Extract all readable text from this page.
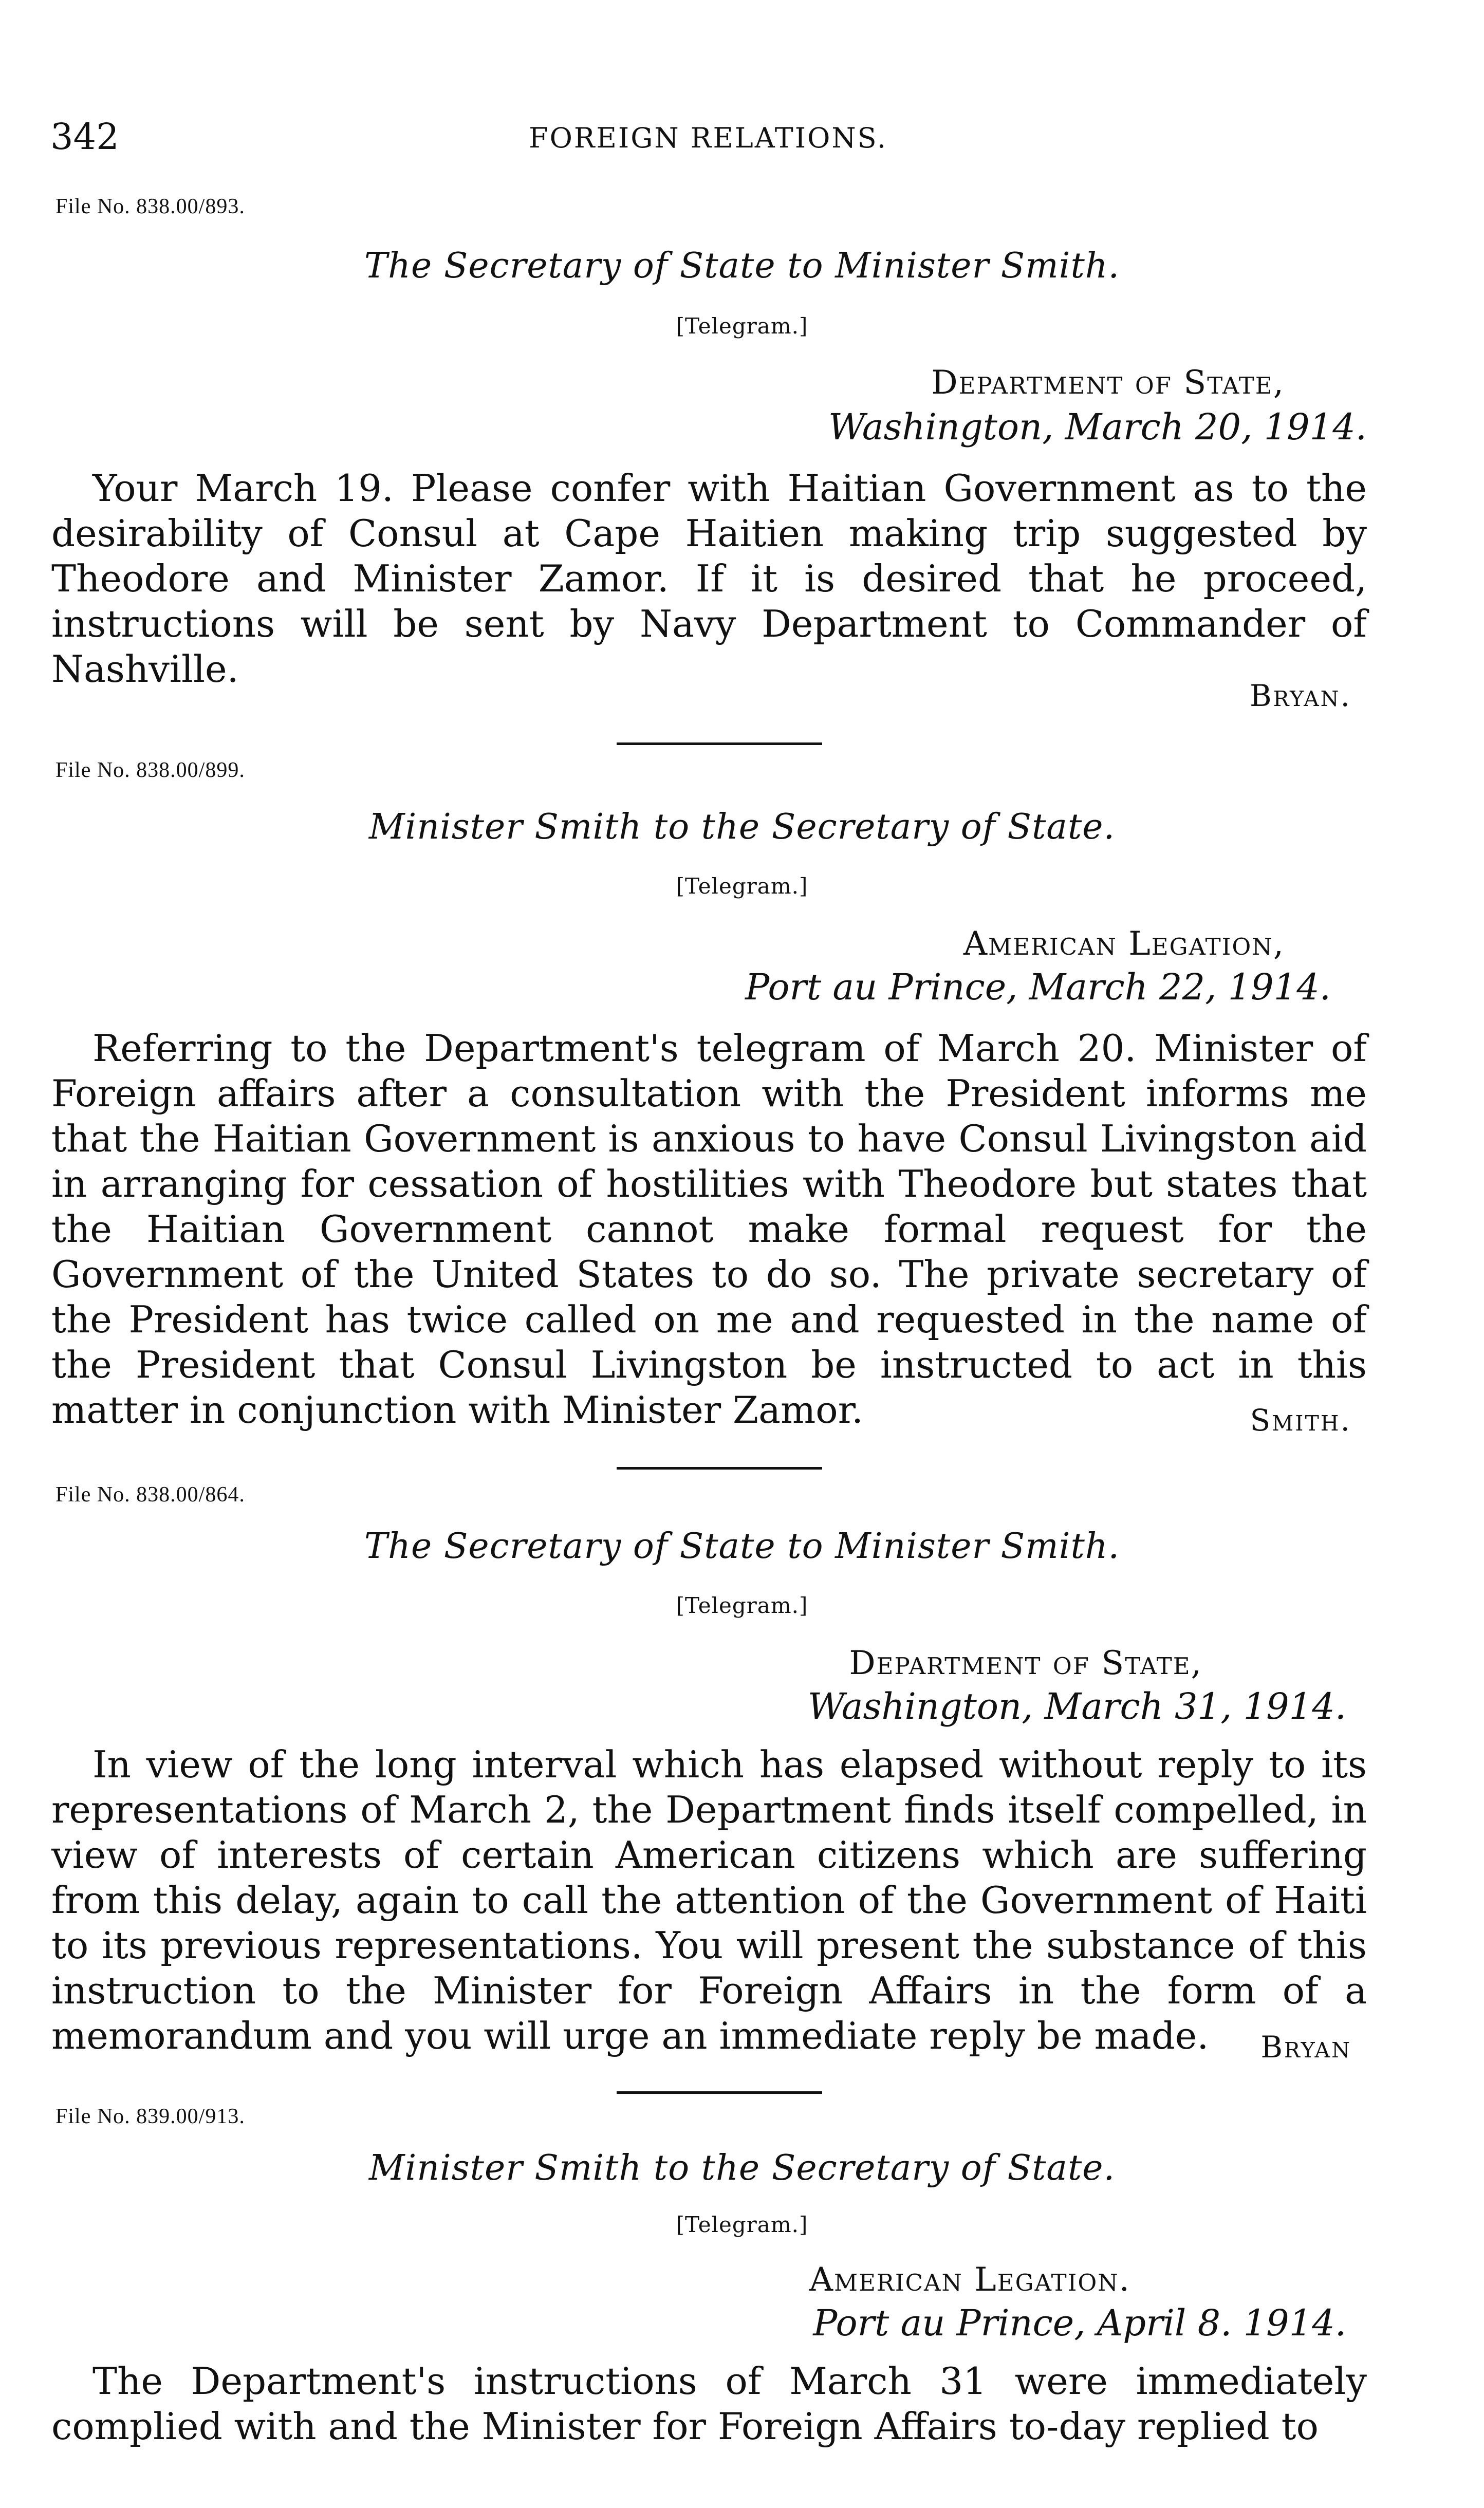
342	FOREIGN RELATIONS.
File No. 838.00/893.
The Secretary of State to Minister Smith.
[Telegram.]
Department of State,
Washington, March 20, 1914.
Your March 19. Please confer with Haitian Government as to the desirability of Consul at Cape Haitien making trip suggested by Theodore and Minister Zamor. If it is desired that he proceed, instructions will be sent by Navy Department to Commander of Nashville.
Bryan.
File No. 838.00/899.
Minister Smith to the Secretary of State.
[Telegram.]
American Legation,
Port au Prince, March 22, 1914.
Referring to the Department's telegram of March 20. Minister of Foreign affairs after a consultation with the President informs me that the Haitian Government is anxious to have Consul Livingston aid in arranging for cessation of hostilities with Theodore but states that the Haitian Government cannot make formal request for the Government of the United States to do so. The private secretary of the President has twice called on me and requested in the name of the President that Consul Livingston be instructed to act in this matter in conjunction with Minister Zamor.	Smith.
File No. 838.00/864.
The Secretary of State to Minister Smith.
[Telegram.]
Department of State,
Washington, March 31, 1914.
In view of the long interval which has elapsed without reply to its representations of March 2, the Department finds itself compelled, in view of interests of certain American citizens which are suffering from this delay, again to call the attention of the Government of Haiti to its previous representations. You will present the substance of this instruction to the Minister for Foreign Affairs in the form of a memorandum and you will urge an immediate reply be made.	Bryan
File No. 839.00/913.
Minister Smith to the Secretary of State.
[Telegram.]
American Legation.
Port au Prince, April 8. 1914.
The Department's instructions of March 31 were immediately complied with and the Minister for Foreign Affairs to-day replied to
